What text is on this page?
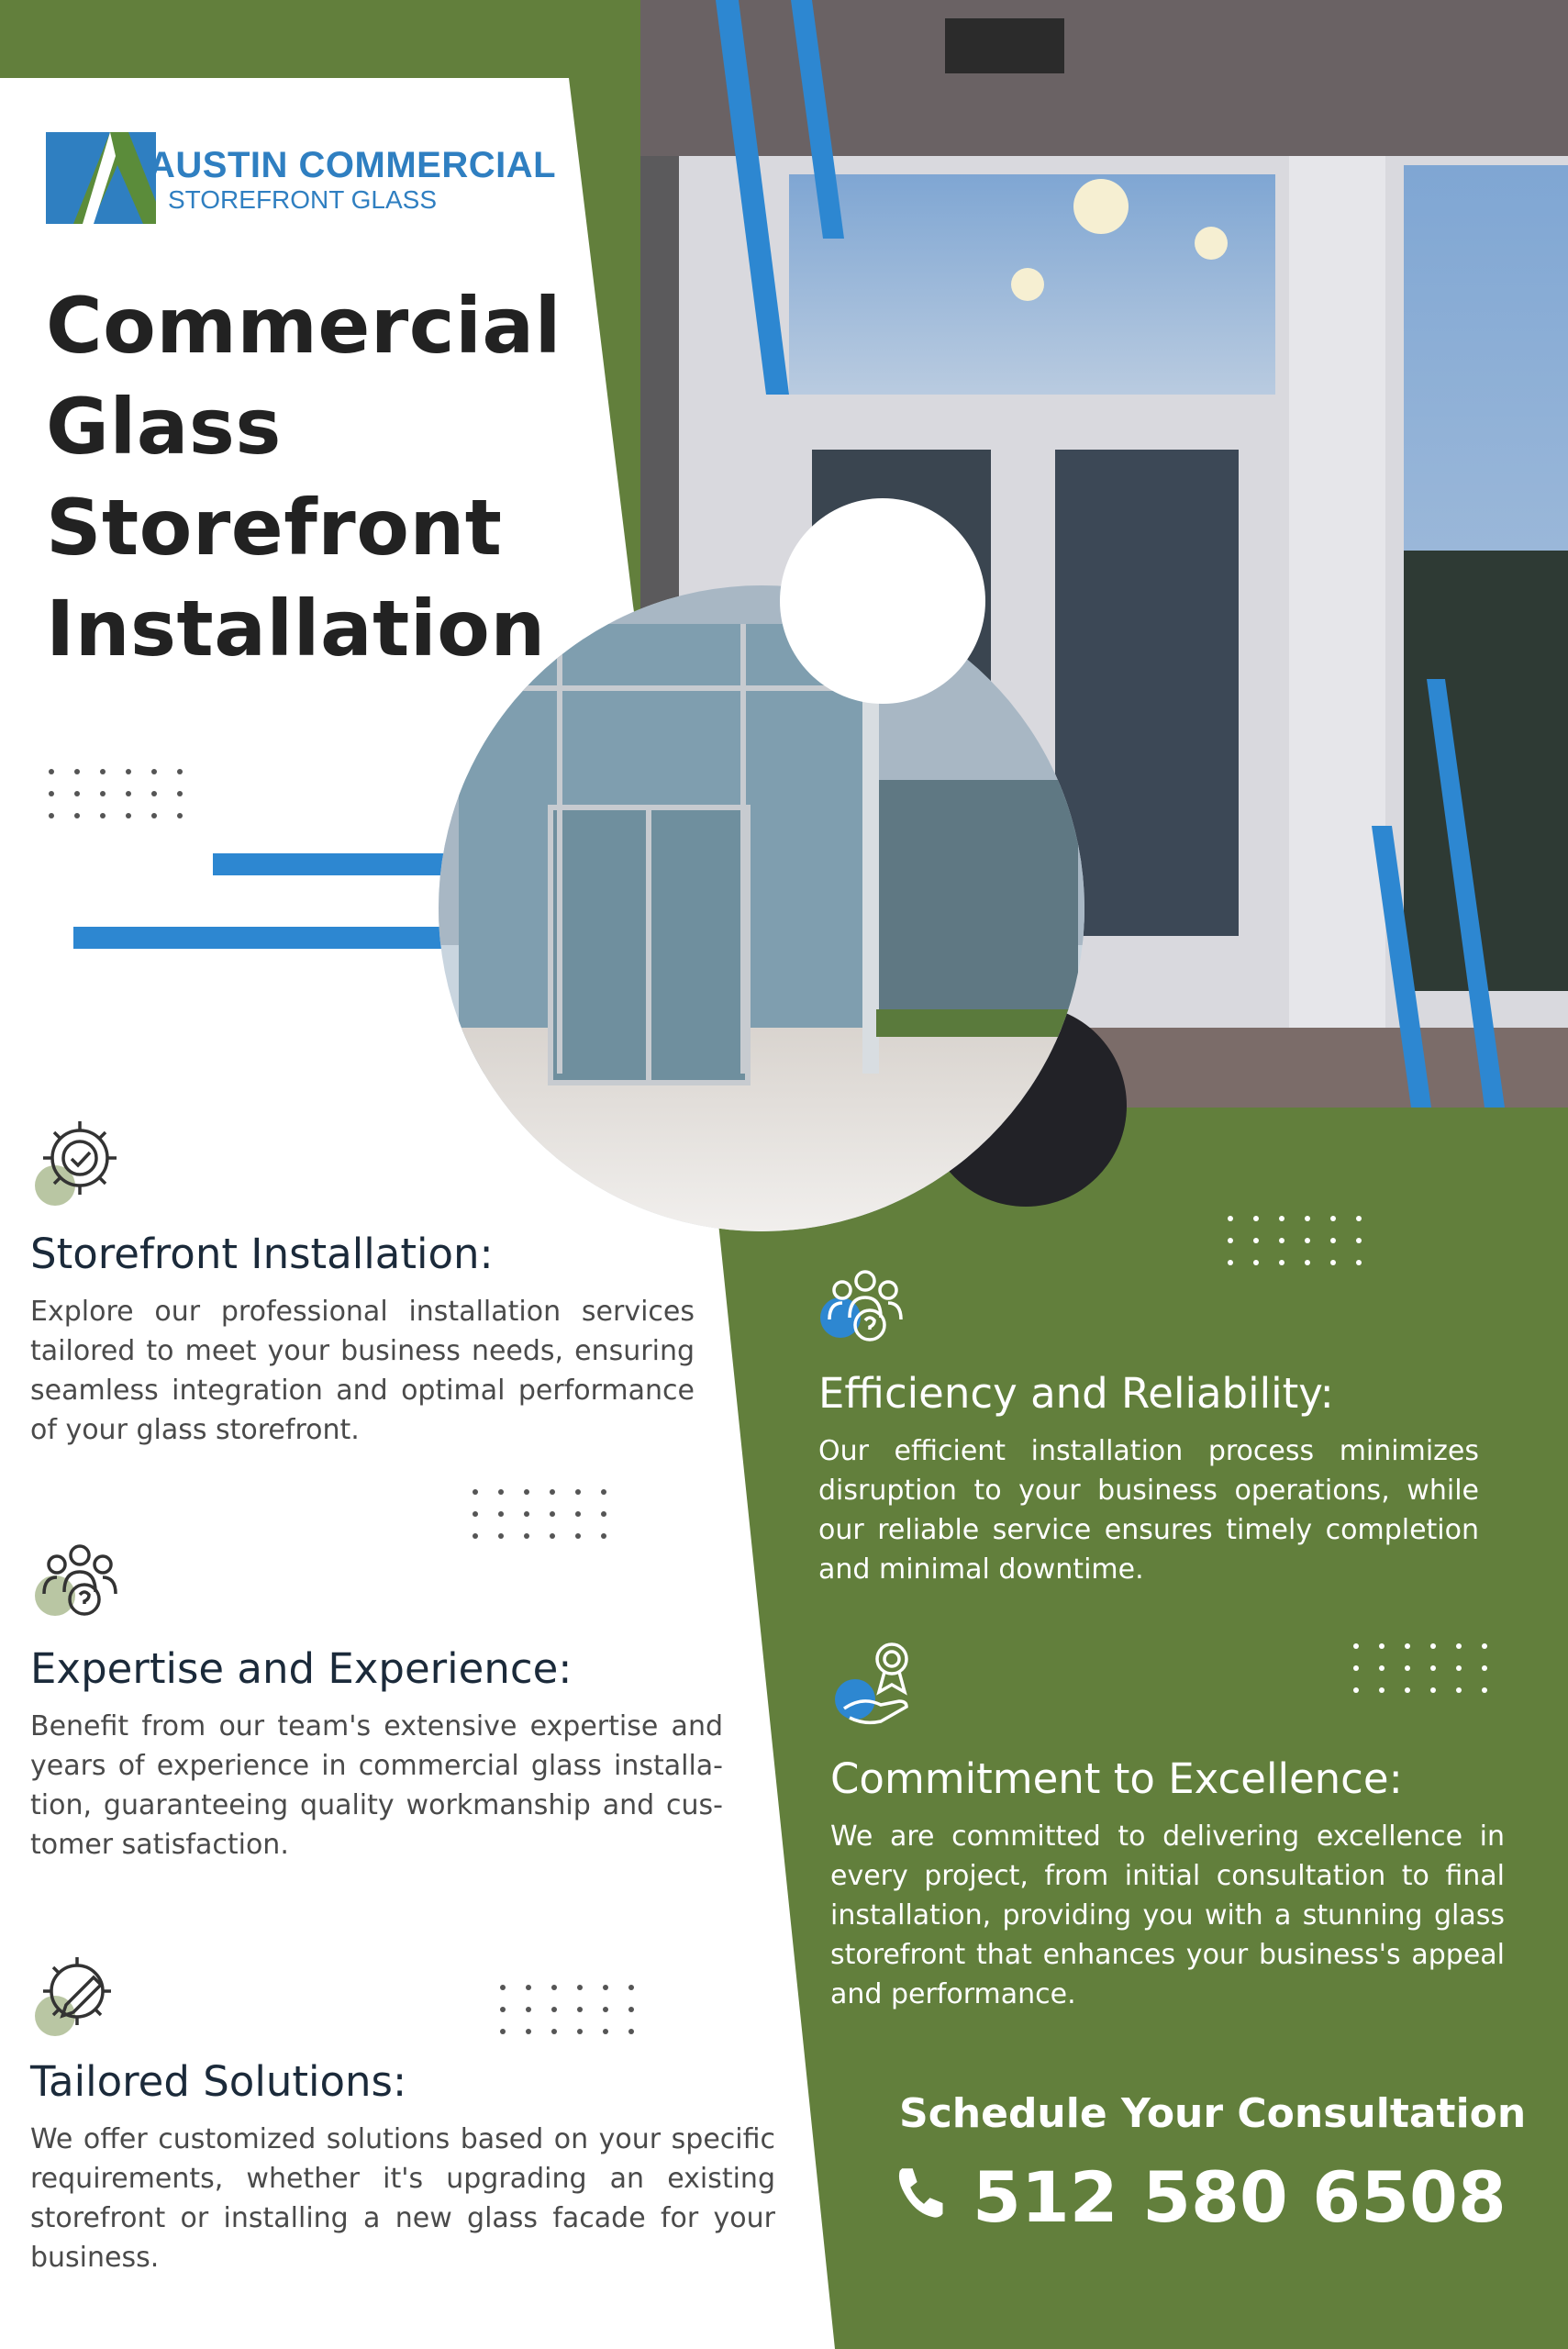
AUSTIN COMMERCIAL
STOREFRONT GLASS
Commercial
Glass
Storefront
Installation
Storefront Installation:
Explore our professional installation services tailored to meet your business needs, ensuring seamless integration and optimal performance of your glass storefront.
Expertise and Experience:
Benefit from our team's extensive expertise and years of experience in commercial glass installa-tion, guaranteeing quality workmanship and cus-tomer satisfaction.
Tailored Solutions:
We offer customized solutions based on your specific requirements, whether it's upgrading an existing storefront or installing a new glass facade for your business.
Efficiency and Reliability:
Our efficient installation process minimizes disruption to your business operations, while our reliable service ensures timely completion and minimal downtime.
Commitment to Excellence:
We are committed to delivering excellence in every project, from initial consultation to final installation, providing you with a stunning glass storefront that enhances your business's appeal and performance.
Schedule Your Consultation
512 580 6508
